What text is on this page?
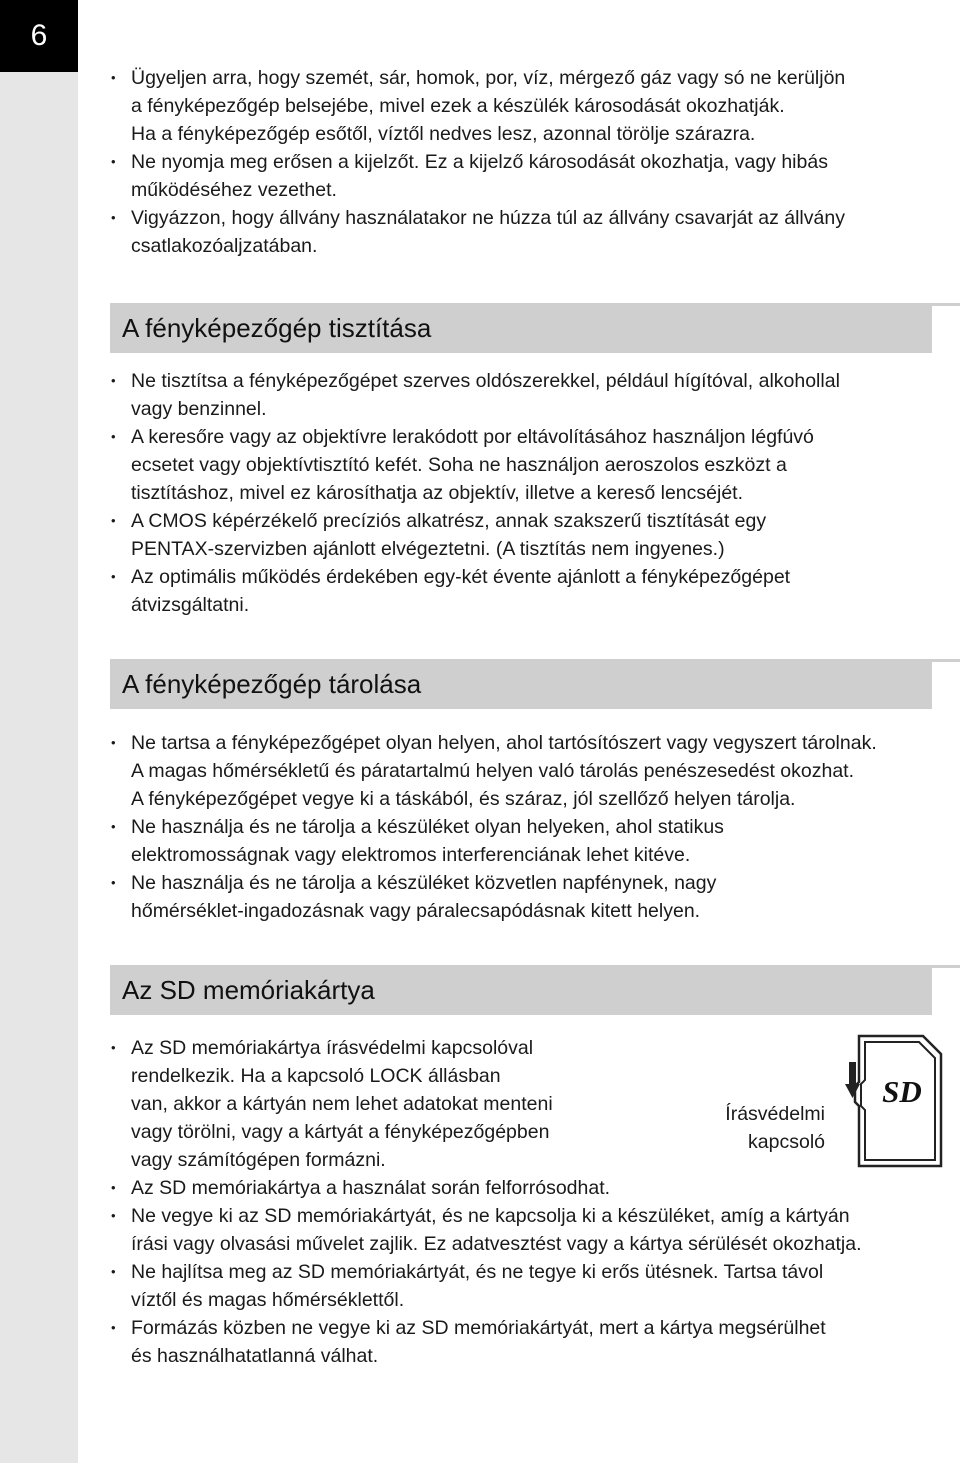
6
• Ügyeljen arra, hogy szemét, sár, homok, por, víz, mérgező gáz vagy só ne kerüljön
a fényképezőgép belsejébe, mivel ezek a készülék károsodását okozhatják.
Ha a fényképezőgép esőtől, víztől nedves lesz, azonnal törölje szárazra.
• Ne nyomja meg erősen a kijelzőt. Ez a kijelző károsodását okozhatja, vagy hibás
működéséhez vezethet.
• Vigyázzon, hogy állvány használatakor ne húzza túl az állvány csavarját az állvány
csatlakozóaljzatában.
A fényképezőgép tisztítása
• Ne tisztítsa a fényképezőgépet szerves oldószerekkel, például hígítóval, alkohollal
vagy benzinnel.
• A keresőre vagy az objektívre lerakódott por eltávolításához használjon légfúvó
ecsetet vagy objektívtisztító kefét. Soha ne használjon aeroszolos eszközt a
tisztításhoz, mivel ez károsíthatja az objektív, illetve a kereső lencséjét.
• A CMOS képérzékelő precíziós alkatrész, annak szakszerű tisztítását egy
PENTAX-szervizben ajánlott elvégeztetni. (A tisztítás nem ingyenes.)
• Az optimális működés érdekében egy-két évente ajánlott a fényképezőgépet
átvizsgáltatni.
A fényképezőgép tárolása
• Ne tartsa a fényképezőgépet olyan helyen, ahol tartósítószert vagy vegyszert tárolnak.
A magas hőmérsékletű és páratartalmú helyen való tárolás penészesedést okozhat.
A fényképezőgépet vegye ki a táskából, és száraz, jól szellőző helyen tárolja.
• Ne használja és ne tárolja a készüléket olyan helyeken, ahol statikus
elektromosságnak vagy elektromos interferenciának lehet kitéve.
• Ne használja és ne tárolja a készüléket közvetlen napfénynek, nagy
hőmérséklet-ingadozásnak vagy páralecsapódásnak kitett helyen.
Az SD memóriakártya
Írásvédelmi
kapcsoló
SD
• Az SD memóriakártya írásvédelmi kapcsolóval
rendelkezik. Ha a kapcsoló LOCK állásban
van, akkor a kártyán nem lehet adatokat menteni
vagy törölni, vagy a kártyát a fényképezőgépben
vagy számítógépen formázni.
• Az SD memóriakártya a használat során felforrósodhat.
• Ne vegye ki az SD memóriakártyát, és ne kapcsolja ki a készüléket, amíg a kártyán
írási vagy olvasási művelet zajlik. Ez adatvesztést vagy a kártya sérülését okozhatja.
• Ne hajlítsa meg az SD memóriakártyát, és ne tegye ki erős ütésnek. Tartsa távol
víztől és magas hőmérséklettől.
• Formázás közben ne vegye ki az SD memóriakártyát, mert a kártya megsérülhet
és használhatatlanná válhat.
